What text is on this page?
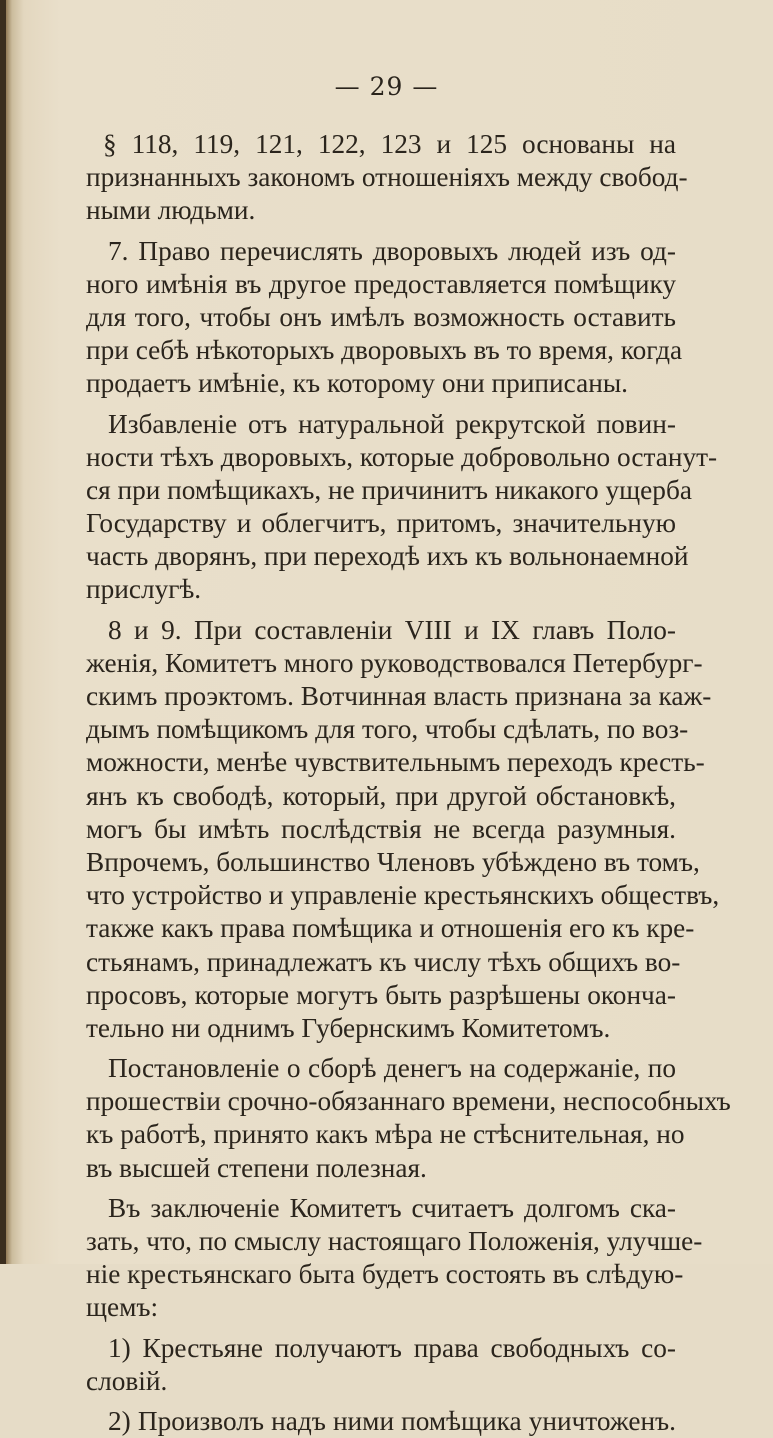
— 29 —
§ 118, 119, 121, 122, 123 и 125 основаны на
признанныхъ закономъ отношеніяхъ между свобод-
ными людьми.
7. Право перечислять дворовыхъ людей изъ од-
ного имѣнія въ другое предоставляется помѣщику
для того, чтобы онъ имѣлъ возможность оставить
при себѣ нѣкоторыхъ дворовыхъ въ то время, когда
продаетъ имѣніе, къ которому они приписаны.
Избавленіе отъ натуральной рекрутской повин-
ности тѣхъ дворовыхъ, которые добровольно останут-
ся при помѣщикахъ, не причинитъ никакого ущерба
Государству и облегчитъ, притомъ, значительную
часть дворянъ, при переходѣ ихъ къ вольнонаемной
прислугѣ.
8 и 9. При составленіи VIII и IX главъ Поло-
женія, Комитетъ много руководствовался Петербург-
скимъ проэктомъ. Вотчинная власть признана за каж-
дымъ помѣщикомъ для того, чтобы сдѣлать, по воз-
можности, менѣе чувствительнымъ переходъ кресть-
янъ къ свободѣ, который, при другой обстановкѣ,
могъ бы имѣть послѣдствія не всегда разумныя.
Впрочемъ, большинство Членовъ убѣждено въ томъ,
что устройство и управленіе крестьянскихъ обществъ,
также какъ права помѣщика и отношенія его къ кре-
стьянамъ, принадлежатъ къ числу тѣхъ общихъ во-
просовъ, которые могутъ быть разрѣшены оконча-
тельно ни однимъ Губернскимъ Комитетомъ.
Постановленіе о сборѣ денегъ на содержаніе, по
прошествіи срочно-обязаннаго времени, неспособныхъ
къ работѣ, принято какъ мѣра не стѣснительная, но
въ высшей степени полезная.
Въ заключеніе Комитетъ считаетъ долгомъ ска-
зать, что, по смыслу настоящаго Положенія, улучше-
ніе крестьянскаго быта будетъ состоять въ слѣдую-
щемъ:
1) Крестьяне получаютъ права свободныхъ со-
словій.
2) Произволъ надъ ними помѣщика уничтоженъ.
